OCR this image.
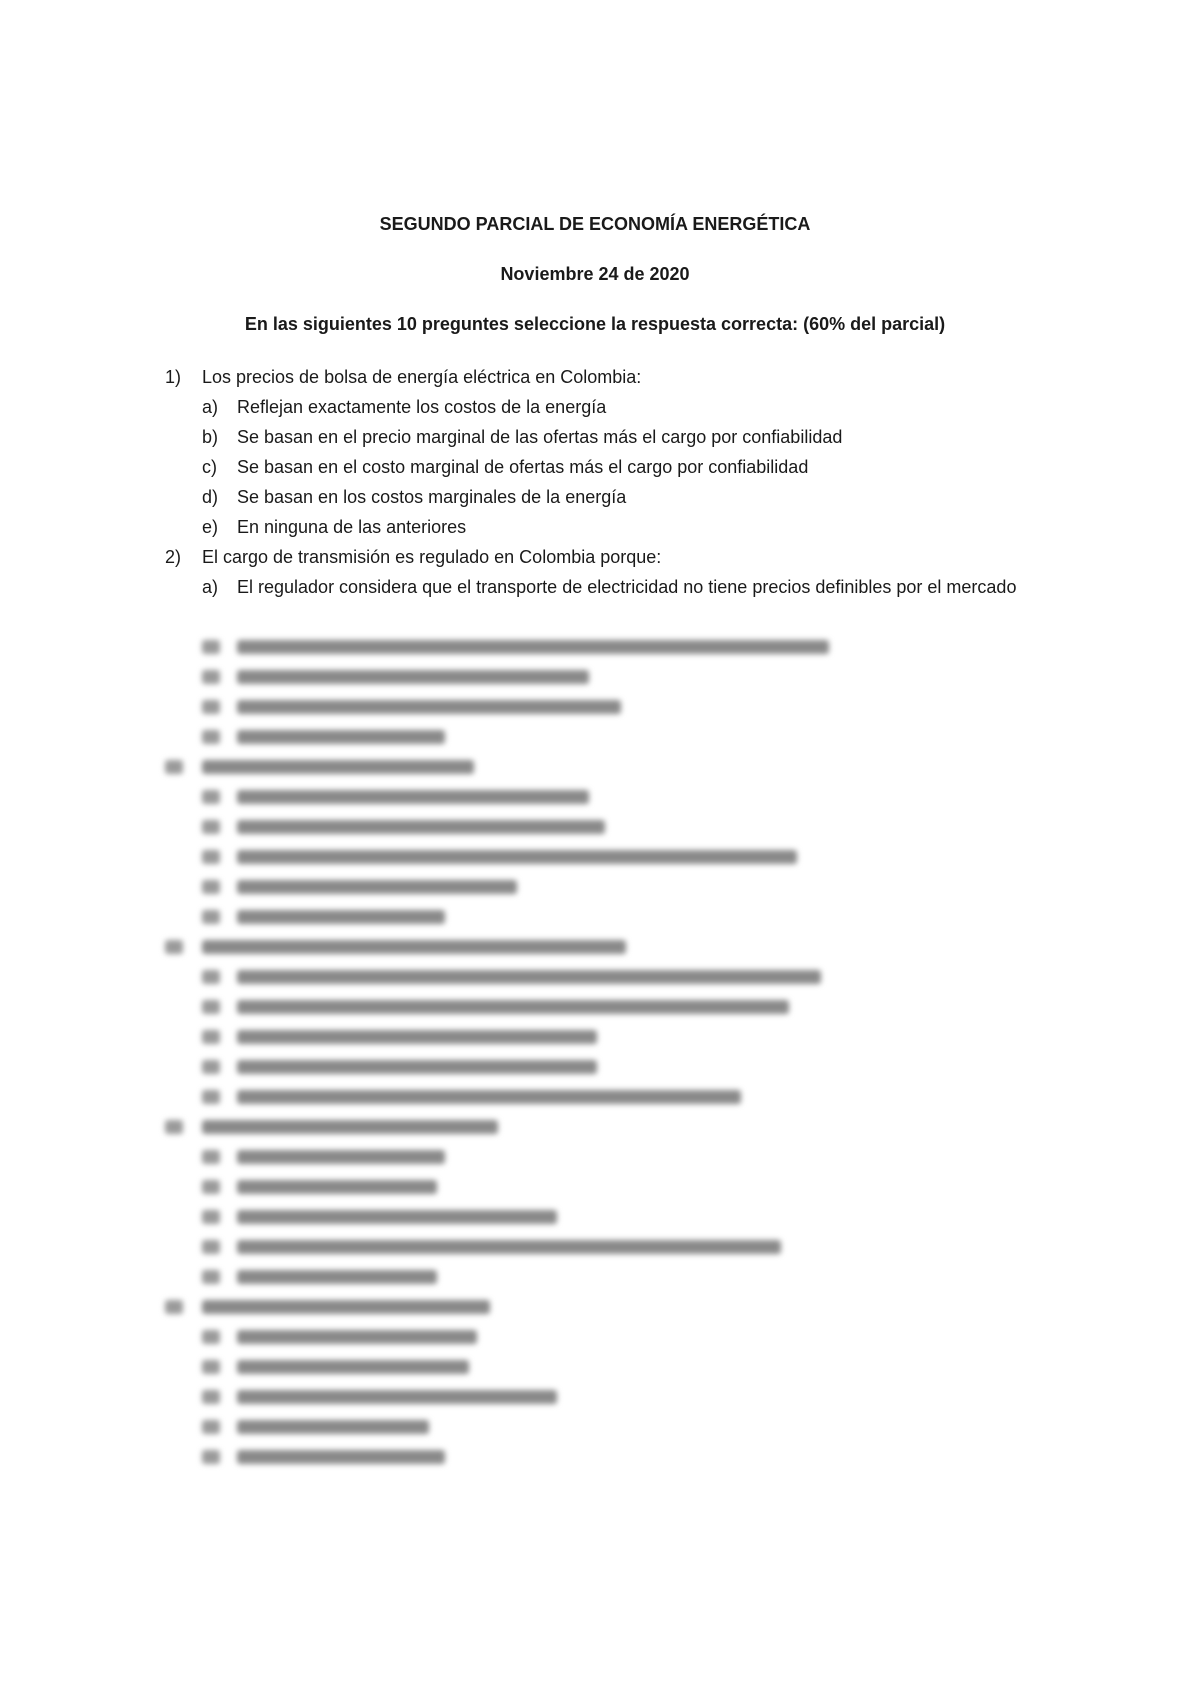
SEGUNDO PARCIAL DE ECONOMÍA ENERGÉTICA
Noviembre 24 de 2020
En las siguientes 10 preguntes seleccione la respuesta correcta: (60% del parcial)
1)	Los precios de bolsa de energía eléctrica en Colombia:
a)	Reflejan exactamente los costos de la energía
b)	Se basan en el precio marginal de las ofertas más el cargo por confiabilidad
c)	Se basan en el costo marginal de ofertas más el cargo por confiabilidad
d)	Se basan en los costos marginales de la energía
e)	En ninguna de las anteriores
2)	El cargo de transmisión es regulado en Colombia porque:
a)	El regulador considera que el transporte de electricidad no tiene precios definibles por el mercado
